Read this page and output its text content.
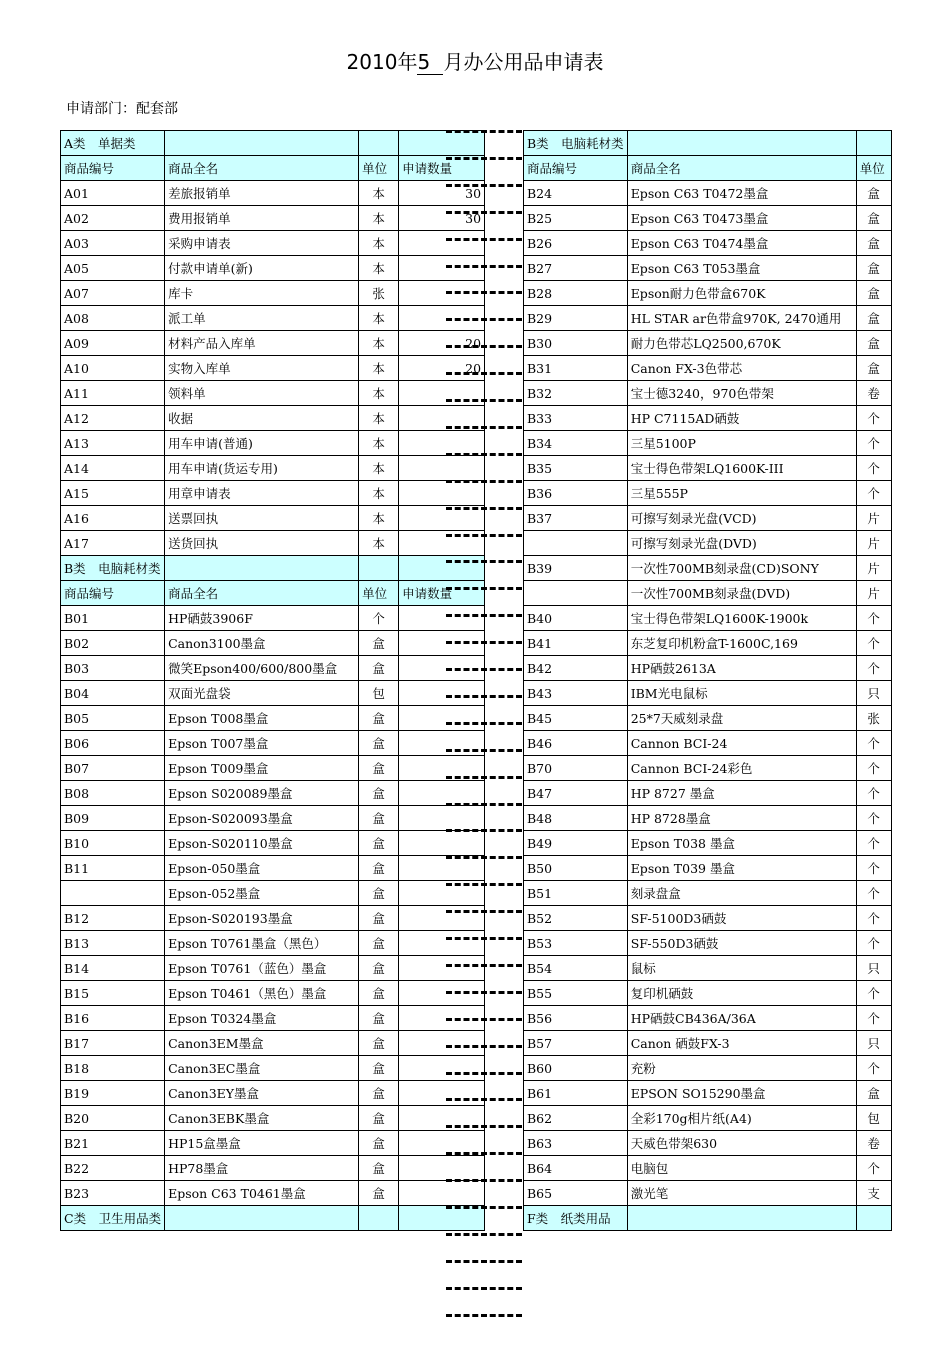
2010年5 月办公用品申请表
申请部门：配套部
A类　单据类			
商品编号	商品全名	单位	申请数量
A01	差旅报销单	本	30
A02	费用报销单	本	30
A03	采购申请表	本	
A05	付款申请单(新)	本	
A07	库卡	张	
A08	派工单	本	
A09	材料产品入库单	本	20
A10	实物入库单	本	20
A11	领料单	本	
A12	收据	本	
A13	用车申请(普通)	本	
A14	用车申请(货运专用)	本	
A15	用章申请表	本	
A16	送票回执	本	
A17	送货回执	本	
B类　电脑耗材类			
商品编号	商品全名	单位	申请数量
B01	HP硒鼓3906F	个	
B02	Canon3100墨盒	盒	
B03	微笑Epson400/600/800墨盒	盒	
B04	双面光盘袋	包	
B05	Epson T008墨盒	盒	
B06	Epson T007墨盒	盒	
B07	Epson T009墨盒	盒	
B08	Epson S020089墨盒	盒	
B09	Epson-S020093墨盒	盒	
B10	Epson-S020110墨盒	盒	
B11	Epson-050墨盒	盒	
	Epson-052墨盒	盒	
B12	Epson-S020193墨盒	盒	
B13	Epson T0761墨盒（黑色）	盒	
B14	Epson T0761（蓝色）墨盒	盒	
B15	Epson T0461（黑色）墨盒	盒	
B16	Epson T0324墨盒	盒	
B17	Canon3EM墨盒	盒	
B18	Canon3EC墨盒	盒	
B19	Canon3EY墨盒	盒	
B20	Canon3EBK墨盒	盒	
B21	HP15盒墨盒	盒	
B22	HP78墨盒	盒	
B23	Epson C63 T0461墨盒	盒	
C类　卫生用品类			
B类　电脑耗材类		
商品编号	商品全名	单位
B24	Epson C63 T0472墨盒	盒
B25	Epson C63 T0473墨盒	盒
B26	Epson C63 T0474墨盒	盒
B27	Epson C63 T053墨盒	盒
B28	Epson耐力色带盒670K	盒
B29	HL STAR ar色带盒970K, 2470通用	盒
B30	耐力色带芯LQ2500,670K	盒
B31	Canon FX-3色带芯	盒
B32	宝士德3240，970色带架	卷
B33	HP C7115AD硒鼓	个
B34	三星5100P	个
B35	宝士得色带架LQ1600K-III	个
B36	三星555P	个
B37	可擦写刻录光盘(VCD)	片
	可擦写刻录光盘(DVD)	片
B39	一次性700MB刻录盘(CD)SONY	片
	一次性700MB刻录盘(DVD)	片
B40	宝士得色带架LQ1600K-1900k	个
B41	东芝复印机粉盒T-1600C,169	个
B42	HP硒鼓2613A	个
B43	IBM光电鼠标	只
B45	25*7天威刻录盘	张
B46	Cannon BCI-24	个
B70	Cannon BCI-24彩色	个
B47	HP 8727 墨盒	个
B48	HP 8728墨盒	个
B49	Epson T038 墨盒	个
B50	Epson T039 墨盒	个
B51	刻录盘盒	个
B52	SF-5100D3硒鼓	个
B53	SF-550D3硒鼓	个
B54	鼠标	只
B55	复印机硒鼓	个
B56	HP硒鼓CB436A/36A	个
B57	Canon 硒鼓FX-3	只
B60	充粉	个
B61	EPSON SO15290墨盒	盒
B62	全彩170g相片纸(A4)	包
B63	天威色带架630	卷
B64	电脑包	个
B65	激光笔	支
F类　纸类用品		
